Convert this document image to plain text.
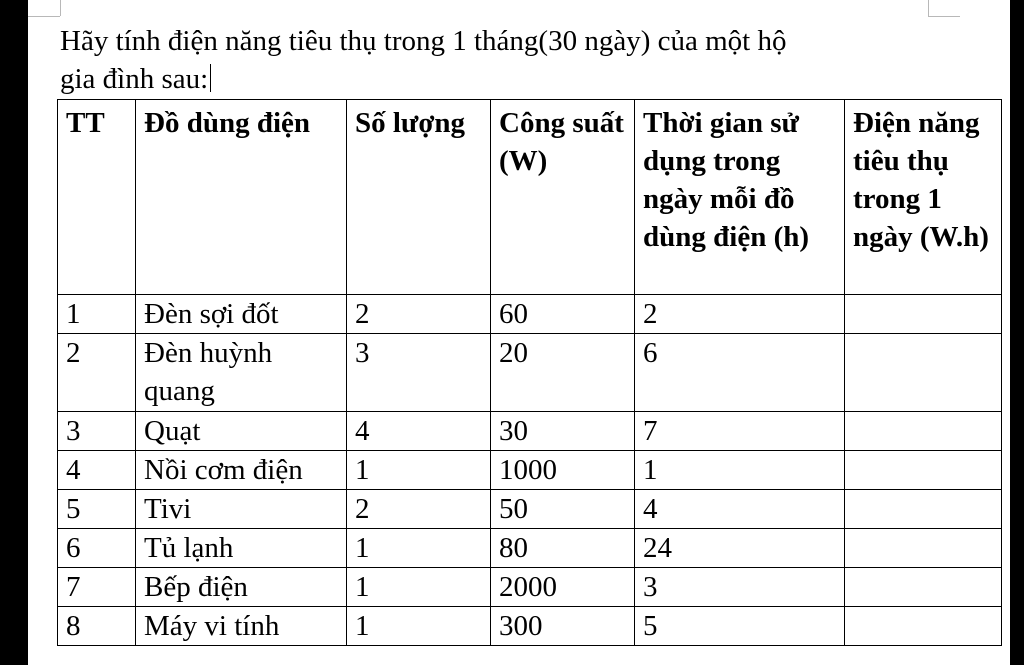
Hãy tính điện năng tiêu thụ trong 1 tháng(30 ngày) của một hộ
gia đình sau:

TT	Đồ dùng điện	Số lượng	Công suất (W)	Thời gian sử dụng trong ngày mỗi đồ dùng điện (h)	Điện năng tiêu thụ trong 1 ngày (W.h)
1	Đèn sợi đốt	2	60	2	
2	Đèn huỳnh quang	3	20	6	
3	Quạt	4	30	7	
4	Nồi cơm điện	1	1000	1	
5	Tivi	2	50	4	
6	Tủ lạnh	1	80	24	
7	Bếp điện	1	2000	3	
8	Máy vi tính	1	300	5	
